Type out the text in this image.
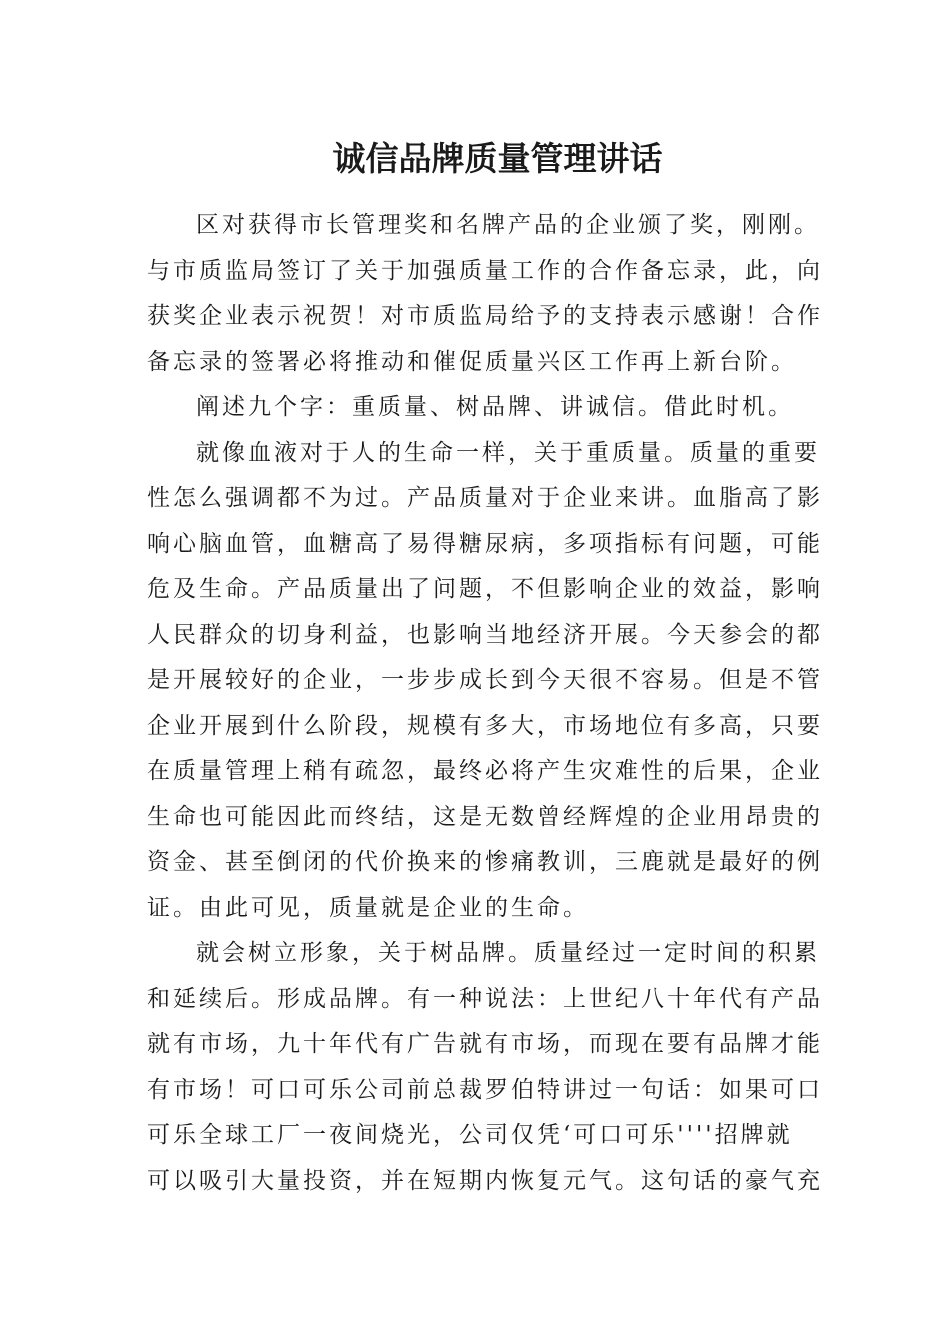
诚信品牌质量管理讲话
区对获得市长管理奖和名牌产品的企业颁了奖，刚刚。
与市质监局签订了关于加强质量工作的合作备忘录，此，向
获奖企业表示祝贺！对市质监局给予的支持表示感谢！合作
备忘录的签署必将推动和催促质量兴区工作再上新台阶。
阐述九个字：重质量、树品牌、讲诚信。借此时机。
就像血液对于人的生命一样，关于重质量。质量的重要
性怎么强调都不为过。产品质量对于企业来讲。血脂高了影
响心脑血管，血糖高了易得糖尿病，多项指标有问题，可能
危及生命。产品质量出了问题，不但影响企业的效益，影响
人民群众的切身利益，也影响当地经济开展。今天参会的都
是开展较好的企业，一步步成长到今天很不容易。但是不管
企业开展到什么阶段，规模有多大，市场地位有多高，只要
在质量管理上稍有疏忽，最终必将产生灾难性的后果，企业
生命也可能因此而终结，这是无数曾经辉煌的企业用昂贵的
资金、甚至倒闭的代价换来的惨痛教训，三鹿就是最好的例
证。由此可见，质量就是企业的生命。
就会树立形象，关于树品牌。质量经过一定时间的积累
和延续后。形成品牌。有一种说法：上世纪八十年代有产品
就有市场，九十年代有广告就有市场，而现在要有品牌才能
有市场！可口可乐公司前总裁罗伯特讲过一句话：如果可口
可乐全球工厂一夜间烧光，公司仅凭‘可口可乐''''招牌就
可以吸引大量投资，并在短期内恢复元气。这句话的豪气充
